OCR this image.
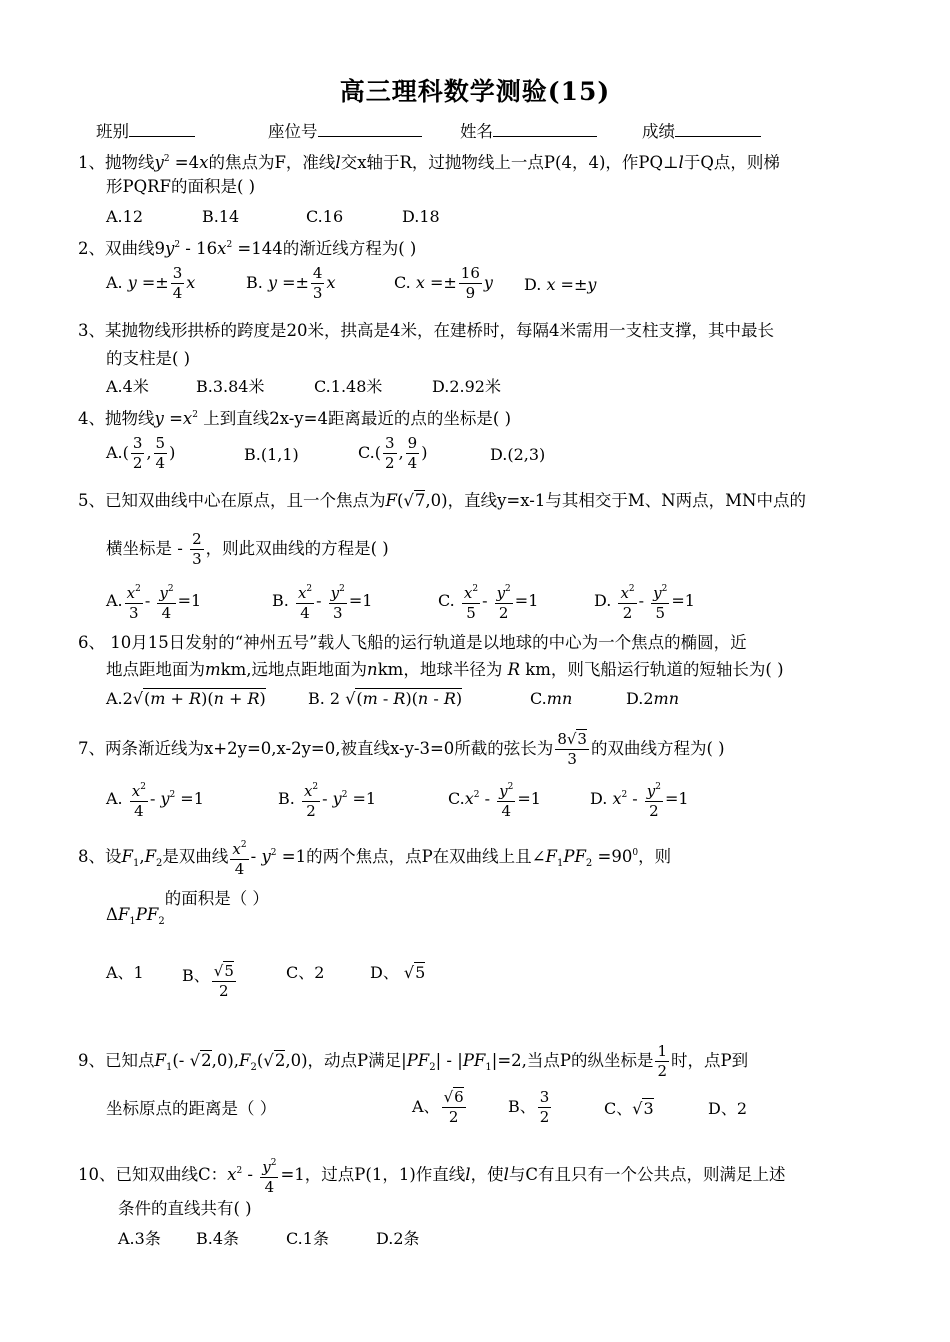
高三理科数学测验(15)
班别	座位号	姓名	成绩
1、抛物线$y^2 =4x$的焦点为F，准线l交x轴于R，过抛物线上一点P(4，4)，作PQ⊥l于Q点，则梯
形PQRF的面积是( )
A.12	B.14	C.16	D.18
2、双曲线$9y^2 - 16x^2 =144$的渐近线方程为( )
A. $y =\pm \frac{3}{4}$ x	B. $y =\pm \frac{4}{3}$ x	C. $x =\pm \frac{16}{9}$ y D. x =±y
3、某抛物线形拱桥的跨度是20米，拱高是4米，在建桥时，每隔4米需用一支柱支撑，其中最长
的支柱是( )
A.4米	B.3.84米	C.1.48米	D.2.92米
4、抛物线$y =x^2$ 上到直线2x-y=4距离最近的点的坐标是( )
$A.( \frac{3}{2}$ , $\frac{5}{4}$ )	B.(1,1)	$C.( \frac{3}{2}$ , $\frac{9}{4}$ )	D.(2,3)
5、已知双曲线中心在原点，且一个焦点为F(√7,0)，直线y=x-1与其相交于M、N两点，MN中点的
横坐标是 - $\frac{2}{3}$ ，则此双曲线的方程是( )
A. $\frac{x^2}{3} - \frac{y^2}{4} =1$	B. $\frac{x^2}{4} - \frac{y^2}{3} =1$	C. $\frac{x^2}{5} - \frac{y^2}{2} =1$	D. $\frac{x^2}{2} - \frac{y^2}{5} =1$
6、 10月15日发射的“神州五号”载人飞船的运行轨道是以地球的中心为一个焦点的椭圆，近
地点距地面为mkm,远地点距地面为nkm，地球半径为 R km，则飞船运行轨道的短轴长为( )
A.2√(m + R)(n + R)	B. 2 √(m - R)(n - R)	C.mn	D.2mn
7、两条渐近线为x+2y=0,x-2y=0,被直线x-y-3=0所截的弦长为 $\frac{8√3}{3}$ 的双曲线方程为( )
A. $\frac{x^2}{4} - y^2 =1$	B. $\frac{x^2}{2} - y^2 =1$	$C.x^2 - \frac{y^2}{4} =1$	D. $x^2 - \frac{y^2}{2} =1$
8、设$F_1,F_2$是双曲线 $\frac{x^2}{4} - y^2 =1$的两个焦点，点P在双曲线上且$\angle F_1PF_2 =90^0$，则
$\Delta F_1PF_2$的面积是（ ）
A、1 B、 $\frac{√5}{2}$	C、2	D、 √5
9、已知点$F_1(-$ $√2,0),F_2(√2,0)$，动点P满足$|PF_2| - |PF_1|=2$,当点P的纵坐标是 $\frac{1}{2}$ 时，点P到
坐标原点的距离是（ ）	A、 $\frac{√6}{2}$	B、 $\frac{3}{2}$	C、√3	D、2
10、已知双曲线C：$x^2 - \frac{y^2}{4} =1$，过点P(1，1)作直线l，使l与C有且只有一个公共点，则满足上述
条件的直线共有( )
A.3条 B.4条	C.1条	D.2条
